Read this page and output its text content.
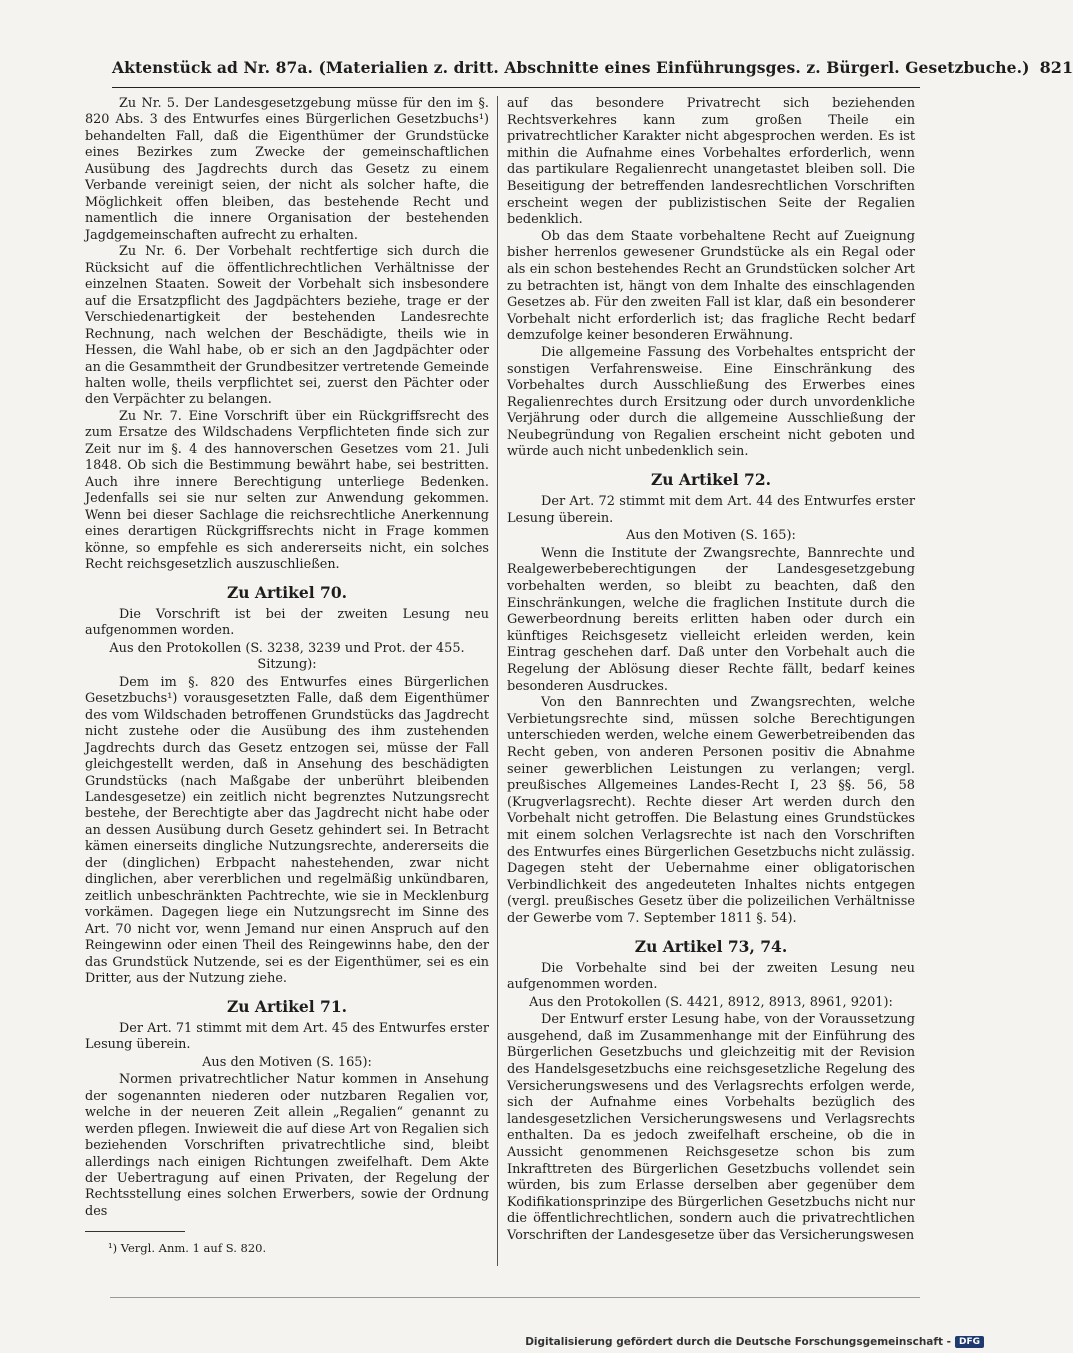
Aktenstück ad Nr. 87a. (Materialien z. dritt. Abschnitte eines Einführungsges. z. Bürgerl. Gesetzbuche.) 821

Zu Nr. 5. Der Landesgesetzgebung müsse für den im §. 820 Abs. 3 des Entwurfes eines Bürgerlichen Gesetzbuchs¹) behandelten Fall, daß die Eigenthümer der Grundstücke eines Bezirkes zum Zwecke der gemeinschaftlichen Ausübung des Jagdrechts durch das Gesetz zu einem Verbande vereinigt seien, der nicht als solcher hafte, die Möglichkeit offen bleiben, das bestehende Recht und namentlich die innere Organisation der bestehenden Jagdgemeinschaften aufrecht zu erhalten.

Zu Nr. 6. Der Vorbehalt rechtfertige sich durch die Rücksicht auf die öffentlichrechtlichen Verhältnisse der einzelnen Staaten. Soweit der Vorbehalt sich insbesondere auf die Ersatzpflicht des Jagdpächters beziehe, trage er der Verschiedenartigkeit der bestehenden Landesrechte Rechnung, nach welchen der Beschädigte, theils wie in Hessen, die Wahl habe, ob er sich an den Jagdpächter oder an die Gesammtheit der Grundbesitzer vertretende Gemeinde halten wolle, theils verpflichtet sei, zuerst den Pächter oder den Verpächter zu belangen.

Zu Nr. 7. Eine Vorschrift über ein Rückgriffsrecht des zum Ersatze des Wildschadens Verpflichteten finde sich zur Zeit nur im §. 4 des hannoverschen Gesetzes vom 21. Juli 1848. Ob sich die Bestimmung bewährt habe, sei bestritten. Auch ihre innere Berechtigung unterliege Bedenken. Jedenfalls sei sie nur selten zur Anwendung gekommen. Wenn bei dieser Sachlage die reichsrechtliche Anerkennung eines derartigen Rückgriffsrechts nicht in Frage kommen könne, so empfehle es sich andererseits nicht, ein solches Recht reichsgesetzlich auszuschließen.

Zu Artikel 70.

Die Vorschrift ist bei der zweiten Lesung neu aufgenommen worden.

Aus den Protokollen (S. 3238, 3239 und Prot. der 455. Sitzung):

Dem im §. 820 des Entwurfes eines Bürgerlichen Gesetzbuchs¹) vorausgesetzten Falle, daß dem Eigenthümer des vom Wildschaden betroffenen Grundstücks das Jagdrecht nicht zustehe oder die Ausübung des ihm zustehenden Jagdrechts durch das Gesetz entzogen sei, müsse der Fall gleichgestellt werden, daß in Ansehung des beschädigten Grundstücks (nach Maßgabe der unberührt bleibenden Landesgesetze) ein zeitlich nicht begrenztes Nutzungsrecht bestehe, der Berechtigte aber das Jagdrecht nicht habe oder an dessen Ausübung durch Gesetz gehindert sei. In Betracht kämen einerseits dingliche Nutzungsrechte, andererseits die der (dinglichen) Erbpacht nahestehenden, zwar nicht dinglichen, aber vererblichen und regelmäßig unkündbaren, zeitlich unbeschränkten Pachtrechte, wie sie in Mecklenburg vorkämen. Dagegen liege ein Nutzungsrecht im Sinne des Art. 70 nicht vor, wenn Jemand nur einen Anspruch auf den Reingewinn oder einen Theil des Reingewinns habe, den der das Grundstück Nutzende, sei es der Eigenthümer, sei es ein Dritter, aus der Nutzung ziehe.

Zu Artikel 71.

Der Art. 71 stimmt mit dem Art. 45 des Entwurfes erster Lesung überein.

Aus den Motiven (S. 165):

Normen privatrechtlicher Natur kommen in Ansehung der sogenannten niederen oder nutzbaren Regalien vor, welche in der neueren Zeit allein „Regalien“ genannt zu werden pflegen. Inwieweit die auf diese Art von Regalien sich beziehenden Vorschriften privatrechtliche sind, bleibt allerdings nach einigen Richtungen zweifelhaft. Dem Akte der Uebertragung auf einen Privaten, der Regelung der Rechtsstellung eines solchen Erwerbers, sowie der Ordnung des

auf das besondere Privatrecht sich beziehenden Rechtsverkehres kann zum großen Theile ein privatrechtlicher Karakter nicht abgesprochen werden. Es ist mithin die Aufnahme eines Vorbehaltes erforderlich, wenn das partikulare Regalienrecht unangetastet bleiben soll. Die Beseitigung der betreffenden landesrechtlichen Vorschriften erscheint wegen der publizistischen Seite der Regalien bedenklich.

Ob das dem Staate vorbehaltene Recht auf Zueignung bisher herrenlos gewesener Grundstücke als ein Regal oder als ein schon bestehendes Recht an Grundstücken solcher Art zu betrachten ist, hängt von dem Inhalte des einschlagenden Gesetzes ab. Für den zweiten Fall ist klar, daß ein besonderer Vorbehalt nicht erforderlich ist; das fragliche Recht bedarf demzufolge keiner besonderen Erwähnung.

Die allgemeine Fassung des Vorbehaltes entspricht der sonstigen Verfahrensweise. Eine Einschränkung des Vorbehaltes durch Ausschließung des Erwerbes eines Regalienrechtes durch Ersitzung oder durch unvordenkliche Verjährung oder durch die allgemeine Ausschließung der Neubegründung von Regalien erscheint nicht geboten und würde auch nicht unbedenklich sein.

Zu Artikel 72.

Der Art. 72 stimmt mit dem Art. 44 des Entwurfes erster Lesung überein.

Aus den Motiven (S. 165):

Wenn die Institute der Zwangsrechte, Bannrechte und Realgewerbeberechtigungen der Landesgesetzgebung vorbehalten werden, so bleibt zu beachten, daß den Einschränkungen, welche die fraglichen Institute durch die Gewerbeordnung bereits erlitten haben oder durch ein künftiges Reichsgesetz vielleicht erleiden werden, kein Eintrag geschehen darf. Daß unter den Vorbehalt auch die Regelung der Ablösung dieser Rechte fällt, bedarf keines besonderen Ausdruckes.

Von den Bannrechten und Zwangsrechten, welche Verbietungsrechte sind, müssen solche Berechtigungen unterschieden werden, welche einem Gewerbetreibenden das Recht geben, von anderen Personen positiv die Abnahme seiner gewerblichen Leistungen zu verlangen; vergl. preußisches Allgemeines Landes-Recht I, 23 §§. 56, 58 (Krugverlagsrecht). Rechte dieser Art werden durch den Vorbehalt nicht getroffen. Die Belastung eines Grundstückes mit einem solchen Verlagsrechte ist nach den Vorschriften des Entwurfes eines Bürgerlichen Gesetzbuchs nicht zulässig. Dagegen steht der Uebernahme einer obligatorischen Verbindlichkeit des angedeuteten Inhaltes nichts entgegen (vergl. preußisches Gesetz über die polizeilichen Verhältnisse der Gewerbe vom 7. September 1811 §. 54).

Zu Artikel 73, 74.

Die Vorbehalte sind bei der zweiten Lesung neu aufgenommen worden.

Aus den Protokollen (S. 4421, 8912, 8913, 8961, 9201):

Der Entwurf erster Lesung habe, von der Voraussetzung ausgehend, daß im Zusammenhange mit der Einführung des Bürgerlichen Gesetzbuchs und gleichzeitig mit der Revision des Handelsgesetzbuchs eine reichsgesetzliche Regelung des Versicherungswesens und des Verlagsrechts erfolgen werde, sich der Aufnahme eines Vorbehalts bezüglich des landesgesetzlichen Versicherungswesens und Verlagsrechts enthalten. Da es jedoch zweifelhaft erscheine, ob die in Aussicht genommenen Reichsgesetze schon bis zum Inkrafttreten des Bürgerlichen Gesetzbuchs vollendet sein würden, bis zum Erlasse derselben aber gegenüber dem Kodifikationsprinzipe des Bürgerlichen Gesetzbuchs nicht nur die öffentlichrechtlichen, sondern auch die privatrechtlichen Vorschriften der Landesgesetze über das Versicherungswesen

¹) Vergl. Anm. 1 auf S. 820.
Digitalisierung gefördert durch die Deutsche Forschungsgemeinschaft - DFG
